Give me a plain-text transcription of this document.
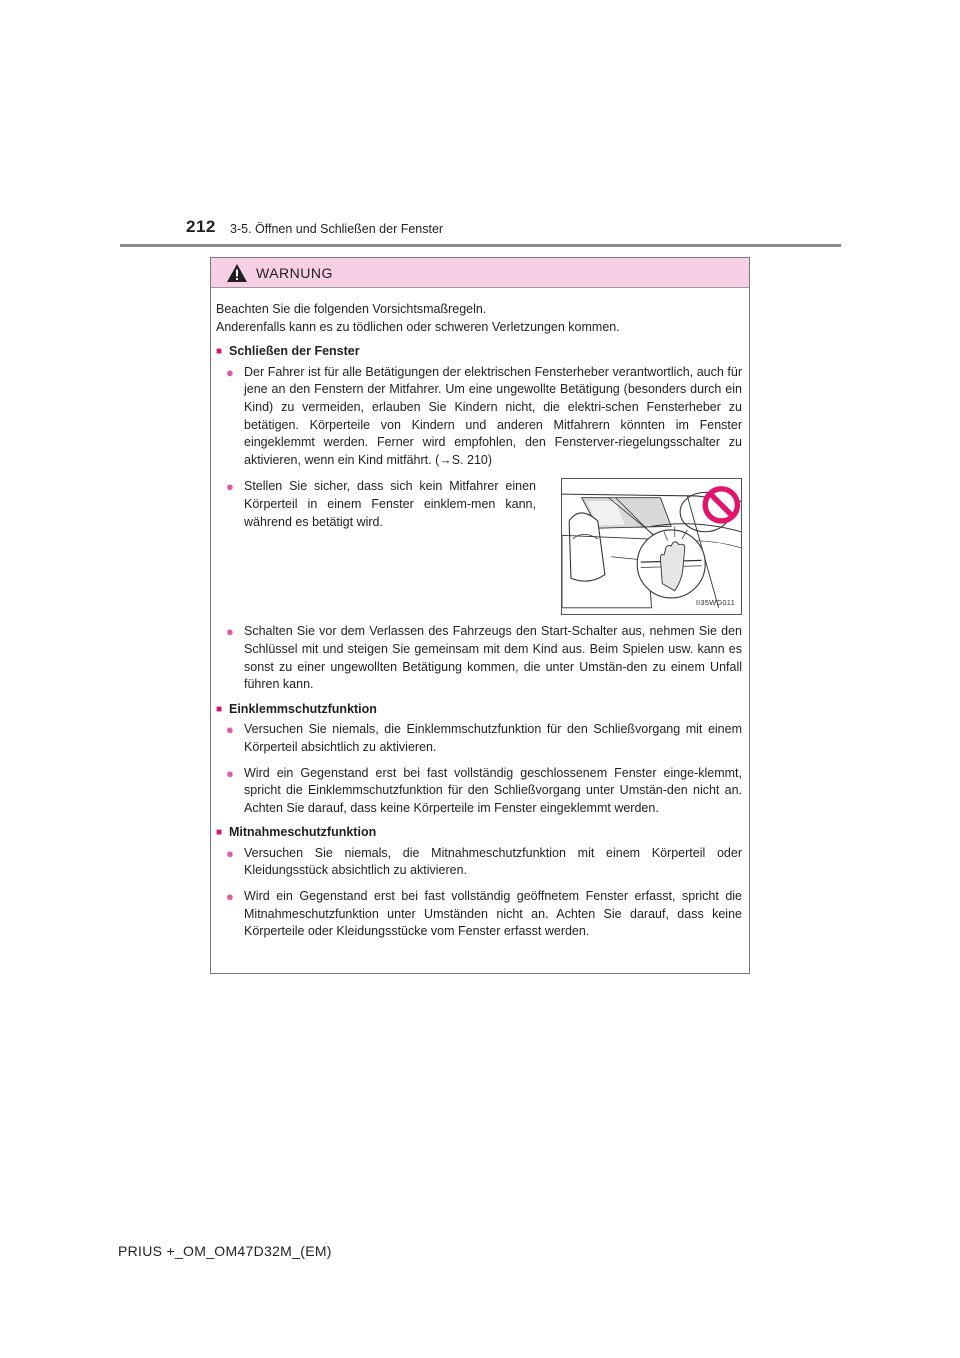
212 3-5. Öffnen und Schließen der Fenster
WARNUNG

Beachten Sie die folgenden Vorsichtsmaßregeln.

Anderenfalls kann es zu tödlichen oder schweren Verletzungen kommen.

■ Schließen der Fenster
● Der Fahrer ist für alle Betätigungen der elektrischen Fensterheber verantwortlich, auch für jene an den Fenstern der Mitfahrer. Um eine ungewollte Betätigung (besonders durch ein Kind) zu vermeiden, erlauben Sie Kindern nicht, die elektri-schen Fensterheber zu betätigen. Körperteile von Kindern und anderen Mitfahrern könnten im Fenster eingeklemmt werden. Ferner wird empfohlen, den Fensterver-riegelungsschalter zu aktivieren, wenn ein Kind mitfährt. (→S. 210)
● Stellen Sie sicher, dass sich kein Mitfahrer einen Körperteil in einem Fenster einklem-men kann, während es betätigt wird.
II35WG011
● Schalten Sie vor dem Verlassen des Fahrzeugs den Start-Schalter aus, nehmen Sie den Schlüssel mit und steigen Sie gemeinsam mit dem Kind aus. Beim Spielen usw. kann es sonst zu einer ungewollten Betätigung kommen, die unter Umstän-den zu einem Unfall führen kann.
■ Einklemmschutzfunktion
● Versuchen Sie niemals, die Einklemmschutzfunktion für den Schließvorgang mit einem Körperteil absichtlich zu aktivieren.
● Wird ein Gegenstand erst bei fast vollständig geschlossenem Fenster einge-klemmt, spricht die Einklemmschutzfunktion für den Schließvorgang unter Umstän-den nicht an. Achten Sie darauf, dass keine Körperteile im Fenster eingeklemmt werden.
■ Mitnahmeschutzfunktion
● Versuchen Sie niemals, die Mitnahmeschutzfunktion mit einem Körperteil oder Kleidungsstück absichtlich zu aktivieren.
● Wird ein Gegenstand erst bei fast vollständig geöffnetem Fenster erfasst, spricht die Mitnahmeschutzfunktion unter Umständen nicht an. Achten Sie darauf, dass keine Körperteile oder Kleidungsstücke vom Fenster erfasst werden.
PRIUS +_OM_OM47D32M_(EM)
